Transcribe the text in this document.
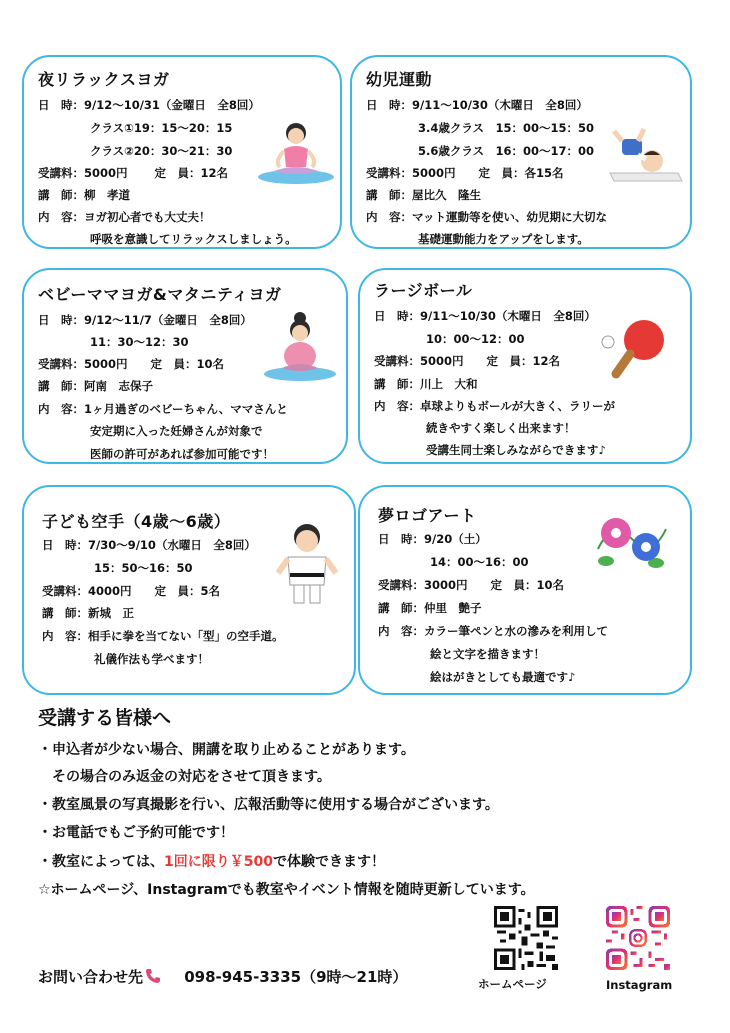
夜リラックスヨガ
日　時：9/12〜10/31（金曜日　全8回）
クラス①19：15〜20：15
クラス②20：30〜21：30
受講料：5000円　　 定　員：12名
講　師：柳　孝道
内　容：ヨガ初心者でも大丈夫！
呼吸を意識してリラックスしましょう。
幼児運動
日　時：9/11〜10/30（木曜日　全8回）
3.4歳クラス　15：00〜15：50
5.6歳クラス　16：00〜17：00
受講料：5000円　　定　員：各15名
講　師：屋比久　隆生
内　容：マット運動等を使い、幼児期に大切な
基礎運動能力をアップをします。
ベビーママヨガ&マタニティヨガ
日　時：9/12〜11/7（金曜日　全8回）
11：30〜12：30
受講料：5000円　　定　員：10名
講　師：阿南　志保子
内　容：1ヶ月過ぎのベビーちゃん、ママさんと
安定期に入った妊婦さんが対象で
医師の許可があれば参加可能です！
ラージボール
日　時：9/11〜10/30（木曜日　全8回）
10：00〜12：00
受講料：5000円　　定　員：12名
講　師：川上　大和
内　容：卓球よりもボールが大きく、ラリーが
続きやすく楽しく出来ます！
受講生同士楽しみながらできます♪
子ども空手（4歳〜6歳）
日　時：7/30〜9/10（水曜日　全8回）
15：50〜16：50
受講料：4000円　　定　員：5名
講　師：新城　正
内　容：相手に拳を当てない「型」の空手道。
礼儀作法も学べます！
夢ロゴアート
日　時：9/20（土）
14：00〜16：00
受講料：3000円　　定　員：10名
講　師：仲里　艶子
内　容：カラー筆ペンと水の滲みを利用して
絵と文字を描きます！
絵はがきとしても最適です♪
受講する皆様へ
・申込者が少ない場合、開講を取り止めることがあります。
　その場合のみ返金の対応をさせて頂きます。
・教室風景の写真撮影を行い、広報活動等に使用する場合がございます。
・お電話でもご予約可能です！
・教室によっては、1回に限り￥500で体験できます！
☆ホームページ、Instagramでも教室やイベント情報を随時更新しています。
お問い合わせ先	098-945-3335（9時〜21時）	ホームページ	Instagram
